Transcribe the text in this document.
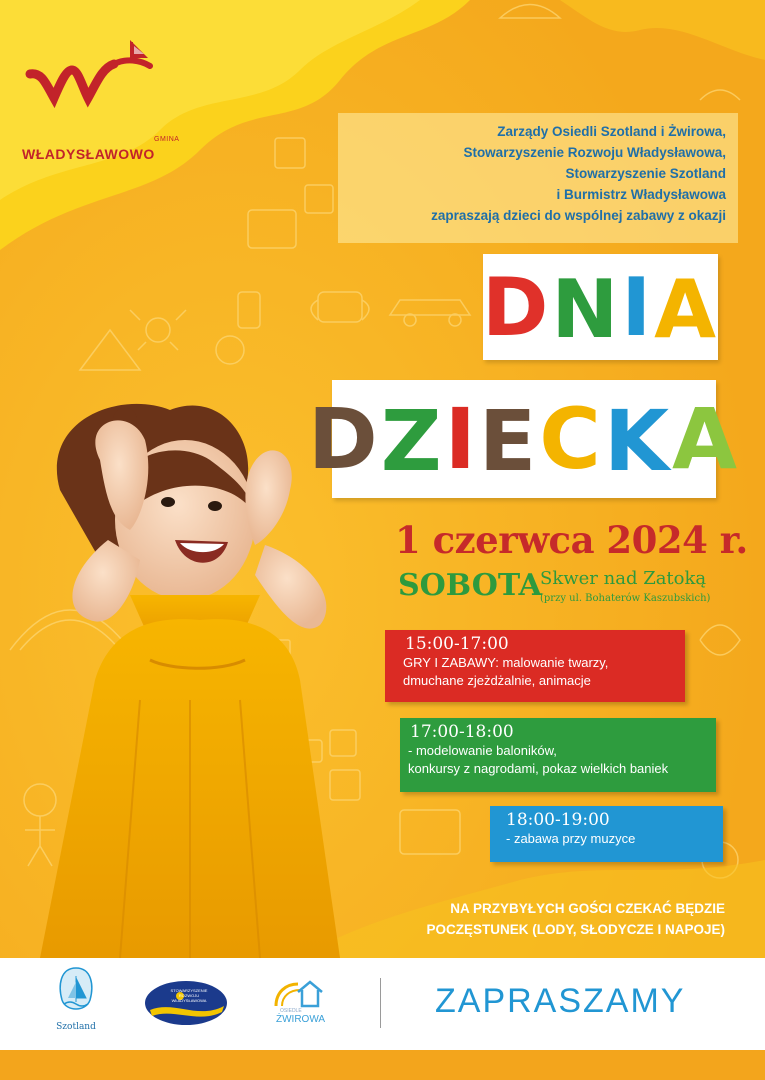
GMINA
WŁADYSŁAWOWO

Zarządy Osiedli Szotland i Żwirowa,
Stowarzyszenie Rozwoju Władysławowa,
Stowarzyszenie Szotland
i Burmistrz Władysławowa
zapraszają dzieci do wspólnej zabawy z okazji

D N I A
D Z I E C K A
1 czerwca 2024 r.
SOBOTA
Skwer nad Zatoką
(przy ul. Bohaterów Kaszubskich)
15:00-17:00
GRY I ZABAWY: malowanie twarzy,
dmuchane zjeżdżalnie, animacje
17:00-18:00
- modelowanie baloników,
konkursy z nagrodami, pokaz wielkich baniek
18:00-19:00
- zabawa przy muzyce
NA PRZYBYŁYCH GOŚCI CZEKAĆ BĘDZIE
POCZĘSTUNEK (LODY, SŁODYCZE I NAPOJE)
Szotland
STOWARZYSZENIE ROZWOJU WŁADYSŁAWOWA
OSIEDLE
ŻWIROWA	ZAPRASZAMY
